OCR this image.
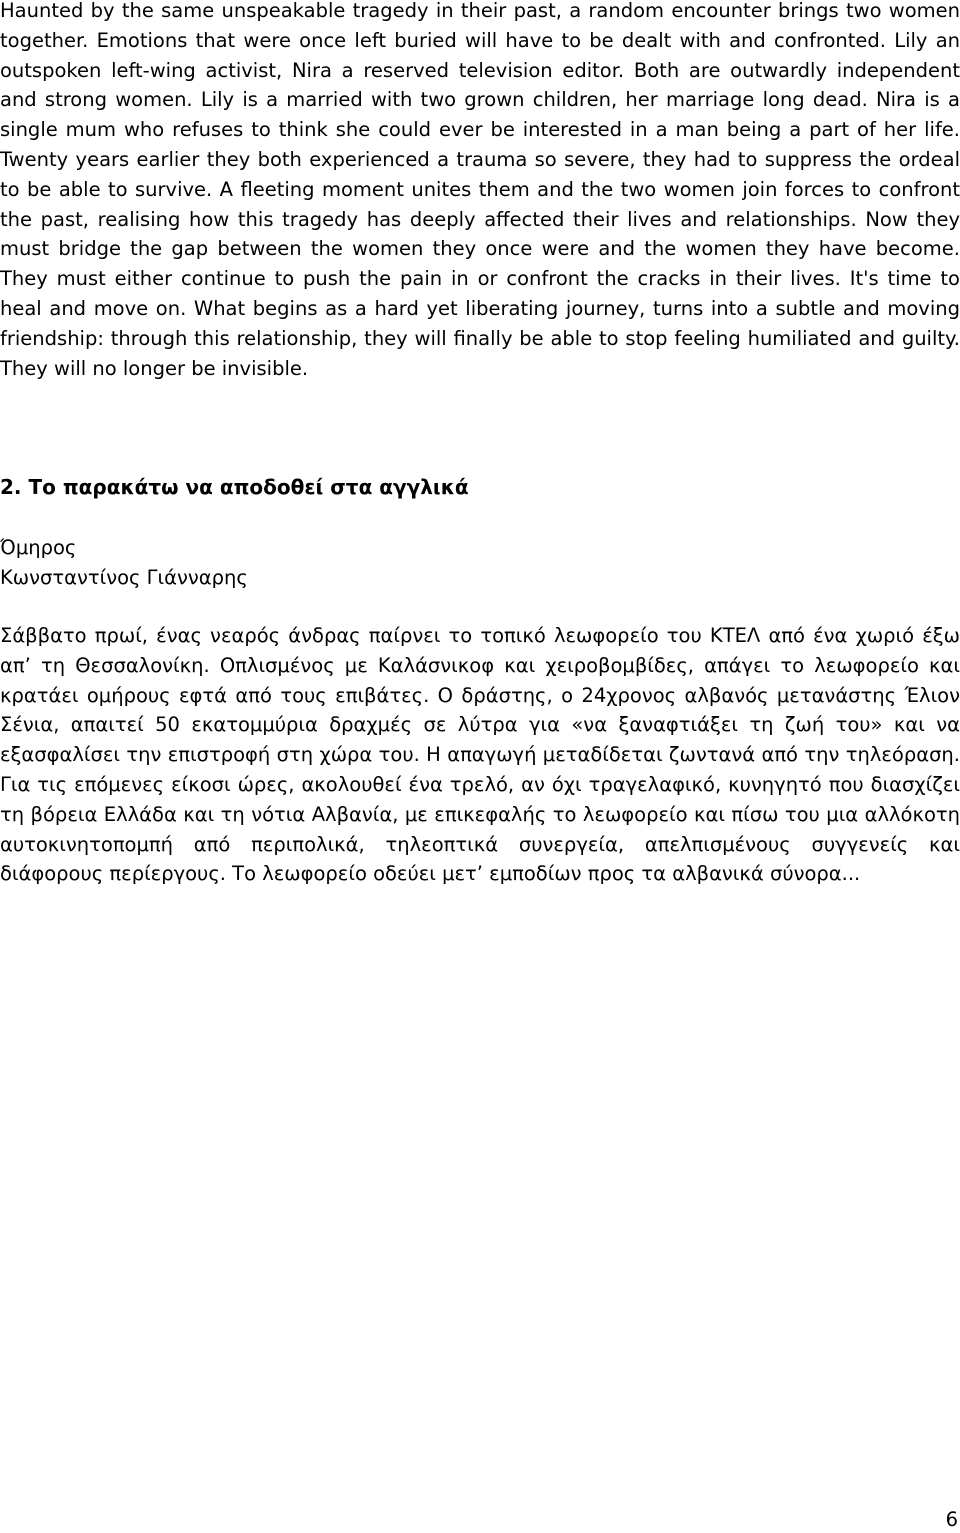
Haunted by the same unspeakable tragedy in their past, a random encounter brings two women together. Emotions that were once left buried will have to be dealt with and confronted. Lily an outspoken left-wing activist, Nira a reserved television editor. Both are outwardly independent and strong women. Lily is a married with two grown children, her marriage long dead. Nira is a single mum who refuses to think she could ever be interested in a man being a part of her life. Twenty years earlier they both experienced a trauma so severe, they had to suppress the ordeal to be able to survive. A fleeting moment unites them and the two women join forces to confront the past, realising how this tragedy has deeply affected their lives and relationships. Now they must bridge the gap between the women they once were and the women they have become. They must either continue to push the pain in or confront the cracks in their lives. It's time to heal and move on. What begins as a hard yet liberating journey, turns into a subtle and moving friendship: through this relationship, they will finally be able to stop feeling humiliated and guilty. They will no longer be invisible.

2. Το παρακάτω να αποδοθεί στα αγγλικά

Όμηρος

Κωνσταντίνος Γιάνναρης

Σάββατο πρωί, ένας νεαρός άνδρας παίρνει το τοπικό λεωφορείο του ΚΤΕΛ από ένα χωριό έξω απ’ τη Θεσσαλονίκη. Οπλισμένος με Καλάσνικοφ και χειροβομβίδες, απάγει το λεωφορείο και κρατάει ομήρους εφτά από τους επιβάτες. Ο δράστης, ο 24χρονος αλβανός μετανάστης Έλιον Σένια, απαιτεί 50 εκατομμύρια δραχμές σε λύτρα για «να ξαναφτιάξει τη ζωή του» και να εξασφαλίσει την επιστροφή στη χώρα του. Η απαγωγή μεταδίδεται ζωντανά από την τηλεόραση. Για τις επόμενες είκοσι ώρες, ακολουθεί ένα τρελό, αν όχι τραγελαφικό, κυνηγητό που διασχίζει τη βόρεια Ελλάδα και τη νότια Αλβανία, με επικεφαλής το λεωφορείο και πίσω του μια αλλόκοτη αυτοκινητοπομπή από περιπολικά, τηλεοπτικά συνεργεία, απελπισμένους συγγενείς και διάφορους περίεργους. Το λεωφορείο οδεύει μετ’ εμποδίων προς τα αλβανικά σύνορα...

6
